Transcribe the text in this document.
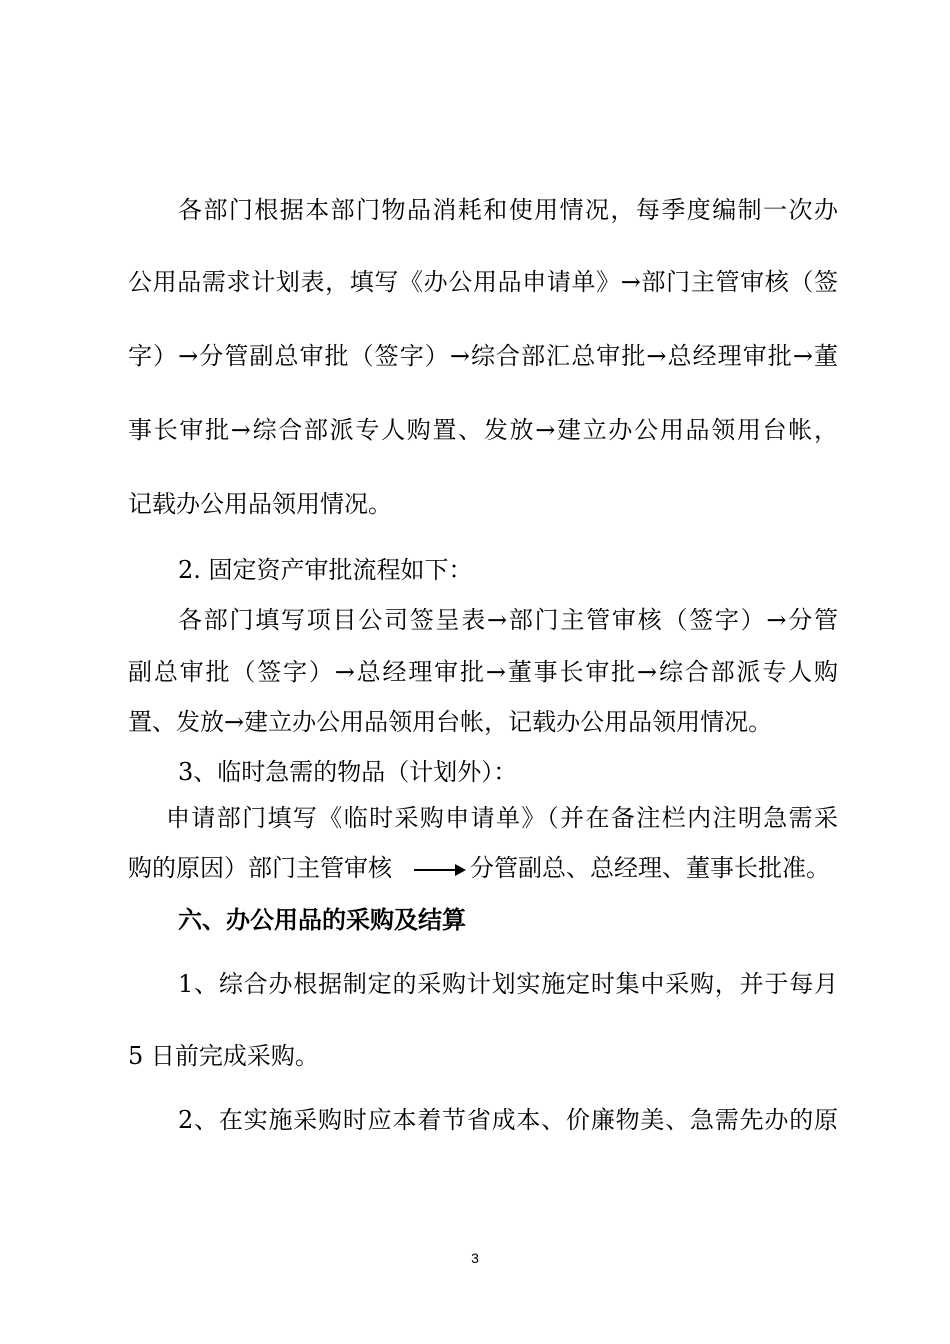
各部门根据本部门物品消耗和使用情况，每季度编制一次办
公用品需求计划表，填写《办公用品申请单》→部门主管审核（签
字）→分管副总审批（签字）→综合部汇总审批→总经理审批→董
事长审批→综合部派专人购置、发放→建立办公用品领用台帐，
记载办公用品领用情况。
2. 固定资产审批流程如下：
各部门填写项目公司签呈表→部门主管审核（签字）→分管
副总审批（签字）→总经理审批→董事长审批→综合部派专人购
置、发放→建立办公用品领用台帐，记载办公用品领用情况。
3、临时急需的物品（计划外）：
申请部门填写《临时采购申请单》（并在备注栏内注明急需采
购的原因）部门主管审核	分管副总、总经理、董事长批准。
六、办公用品的采购及结算
1、综合办根据制定的采购计划实施定时集中采购，并于每月
5 日前完成采购。
2、在实施采购时应本着节省成本、价廉物美、急需先办的原
3
